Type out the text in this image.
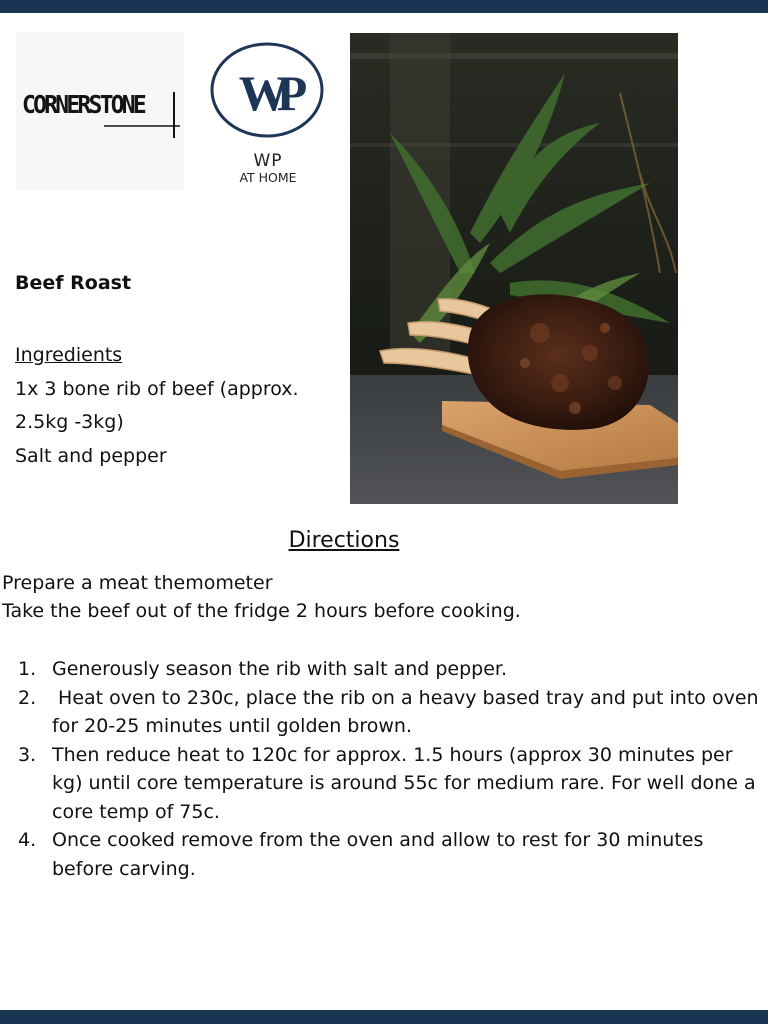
CORNERSTONE WP
WP
AT HOME
Beef Roast
Ingredients
1x 3 bone rib of beef (approx.
2.5kg -3kg)
Salt and pepper
Directions
Prepare a meat themometer
Take the beef out of the fridge 2 hours before cooking.
1. Generously season the rib with salt and pepper.
2. Heat oven to 230c, place the rib on a heavy based tray and put into oven for 20-25 minutes until golden brown.
3. Then reduce heat to 120c for approx. 1.5 hours (approx 30 minutes per kg) until core temperature is around 55c for medium rare. For well done a core temp of 75c.
4. Once cooked remove from the oven and allow to rest for 30 minutes before carving.
